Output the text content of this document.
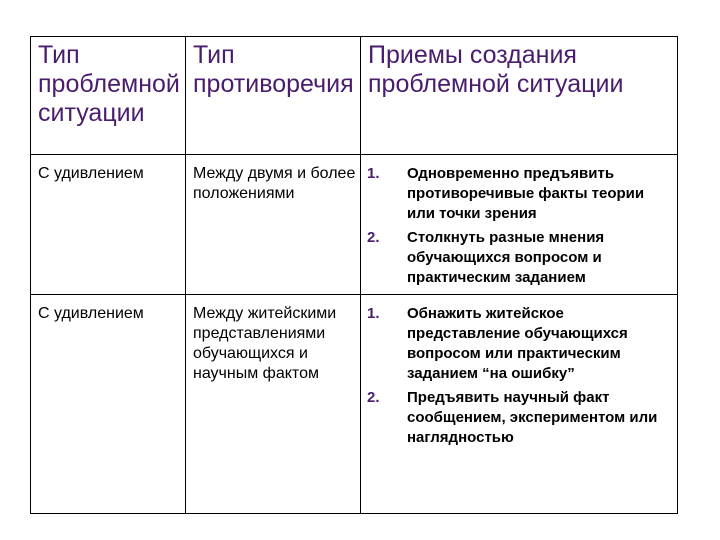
Тип проблемной ситуации	Тип противоречия	Приемы создания проблемной ситуации

С удивлением	Между двумя и более положениями	1. Одновременно предъявить противоречивые факты теории или точки зрения
2. Столкнуть разные мнения обучающихся вопросом и практическим заданием

С удивлением	Между житейскими представлениями обучающихся и научным фактом	1. Обнажить житейское представление обучающихся вопросом или практическим заданием “на ошибку”
2. Предъявить научный факт сообщением, экспериментом или наглядностью
